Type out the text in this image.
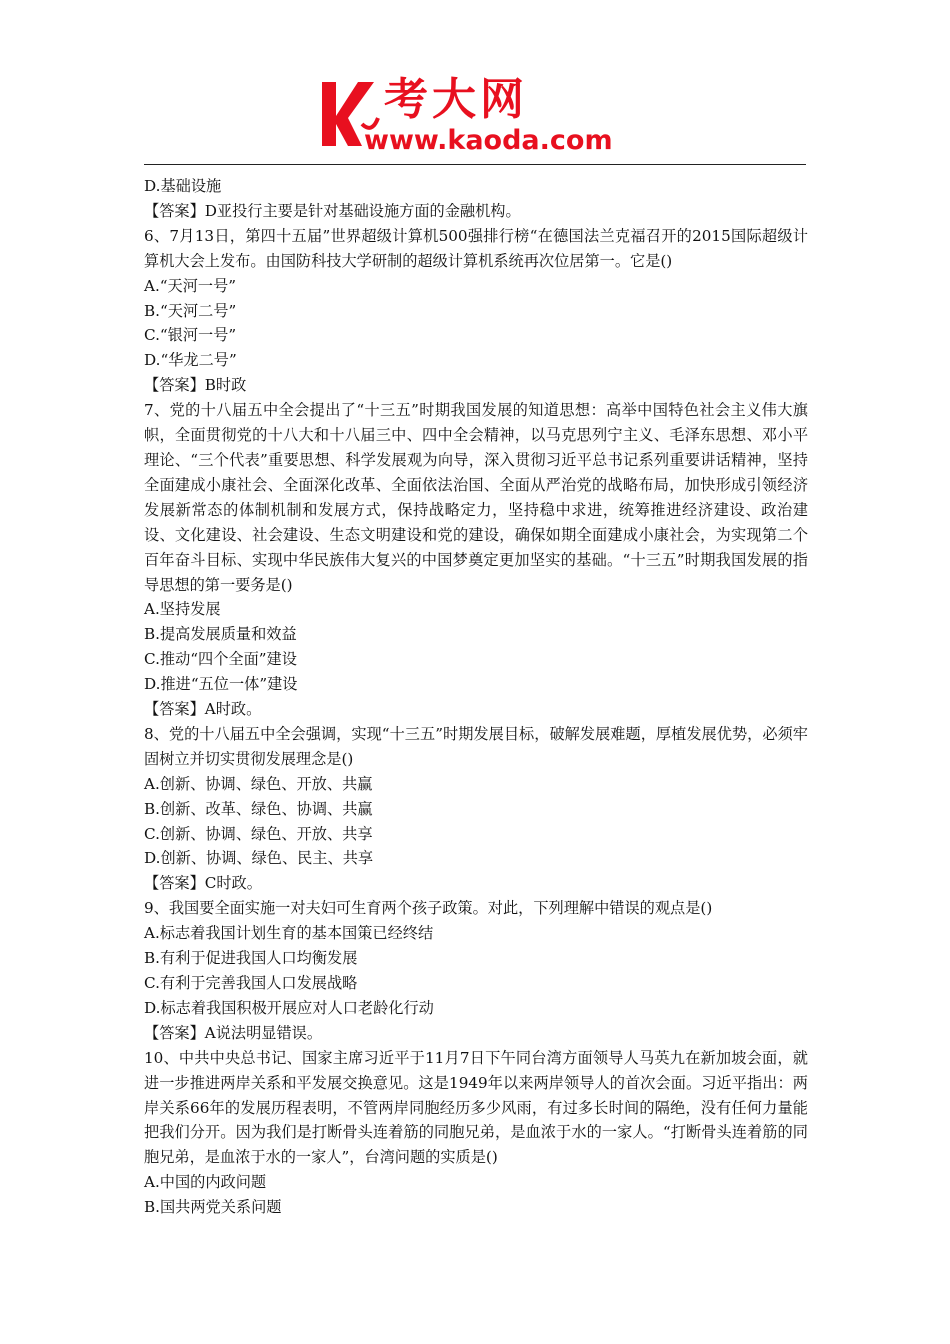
考大网
www.kaoda.com

D.基础设施

【答案】D亚投行主要是针对基础设施方面的金融机构。

6、7月13日，第四十五届”世界超级计算机500强排行榜“在德国法兰克福召开的2015国际超级计算机大会上发布。由国防科技大学研制的超级计算机系统再次位居第一。它是()

A.“天河一号”

B.“天河二号”

C.“银河一号”

D.“华龙二号”

【答案】B时政

7、党的十八届五中全会提出了“十三五”时期我国发展的知道思想：高举中国特色社会主义伟大旗帜，全面贯彻党的十八大和十八届三中、四中全会精神，以马克思列宁主义、毛泽东思想、邓小平理论、“三个代表”重要思想、科学发展观为向导，深入贯彻习近平总书记系列重要讲话精神，坚持全面建成小康社会、全面深化改革、全面依法治国、全面从严治党的战略布局，加快形成引领经济发展新常态的体制机制和发展方式，保持战略定力，坚持稳中求进，统筹推进经济建设、政治建设、文化建设、社会建设、生态文明建设和党的建设，确保如期全面建成小康社会，为实现第二个百年奋斗目标、实现中华民族伟大复兴的中国梦奠定更加坚实的基础。“十三五”时期我国发展的指导思想的第一要务是()

A.坚持发展

B.提高发展质量和效益

C.推动“四个全面”建设

D.推进“五位一体”建设

【答案】A时政。

8、党的十八届五中全会强调，实现“十三五”时期发展目标，破解发展难题，厚植发展优势，必须牢固树立并切实贯彻发展理念是()

A.创新、协调、绿色、开放、共赢

B.创新、改革、绿色、协调、共赢

C.创新、协调、绿色、开放、共享

D.创新、协调、绿色、民主、共享

【答案】C时政。

9、我国要全面实施一对夫妇可生育两个孩子政策。对此，下列理解中错误的观点是()

A.标志着我国计划生育的基本国策已经终结

B.有利于促进我国人口均衡发展

C.有利于完善我国人口发展战略

D.标志着我国积极开展应对人口老龄化行动

【答案】A说法明显错误。

10、中共中央总书记、国家主席习近平于11月7日下午同台湾方面领导人马英九在新加坡会面，就进一步推进两岸关系和平发展交换意见。这是1949年以来两岸领导人的首次会面。习近平指出：两岸关系66年的发展历程表明，不管两岸同胞经历多少风雨，有过多长时间的隔绝，没有任何力量能把我们分开。因为我们是打断骨头连着筋的同胞兄弟，是血浓于水的一家人。“打断骨头连着筋的同胞兄弟，是血浓于水的一家人”，台湾问题的实质是()

A.中国的内政问题

B.国共两党关系问题
